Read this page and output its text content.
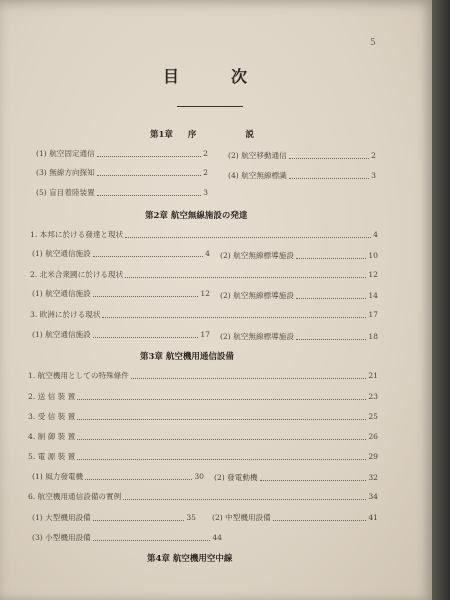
5
目	次
第1章 序	説
(1) 航空固定通信	2	(2) 航空移動通信	2
(3) 無線方向探知	2	(4) 航空無線標識	3
(5) 盲目着陸装置	3
第2章 航空無線施設の発達
1. 本邦に於ける發達と現状	4
(1) 航空通信施設	4 (2) 航空無線標導施設	10
2. 北米合衆國に於ける現状	12
(1) 航空通信施設	12 (2) 航空無線標導施設	14
3. 欧洲に於ける現状	17
(1) 航空通信施設	17 (2) 航空無線標導施設	18
第3章 航空機用通信設備
1. 航空機用としての特殊條件	21
2. 送 信 裝 置	23
3. 受 信 裝 置	25
4. 制 御 裝 置	26
5. 電 源 裝 置	29
(1) 風力發電機	30 (2) 發電動機	32
6. 航空機用通信設備の實例	34
(1) 大型機用設備	35 (2) 中型機用設備	41
(3) 小型機用設備	44
第4章 航空機用空中線
